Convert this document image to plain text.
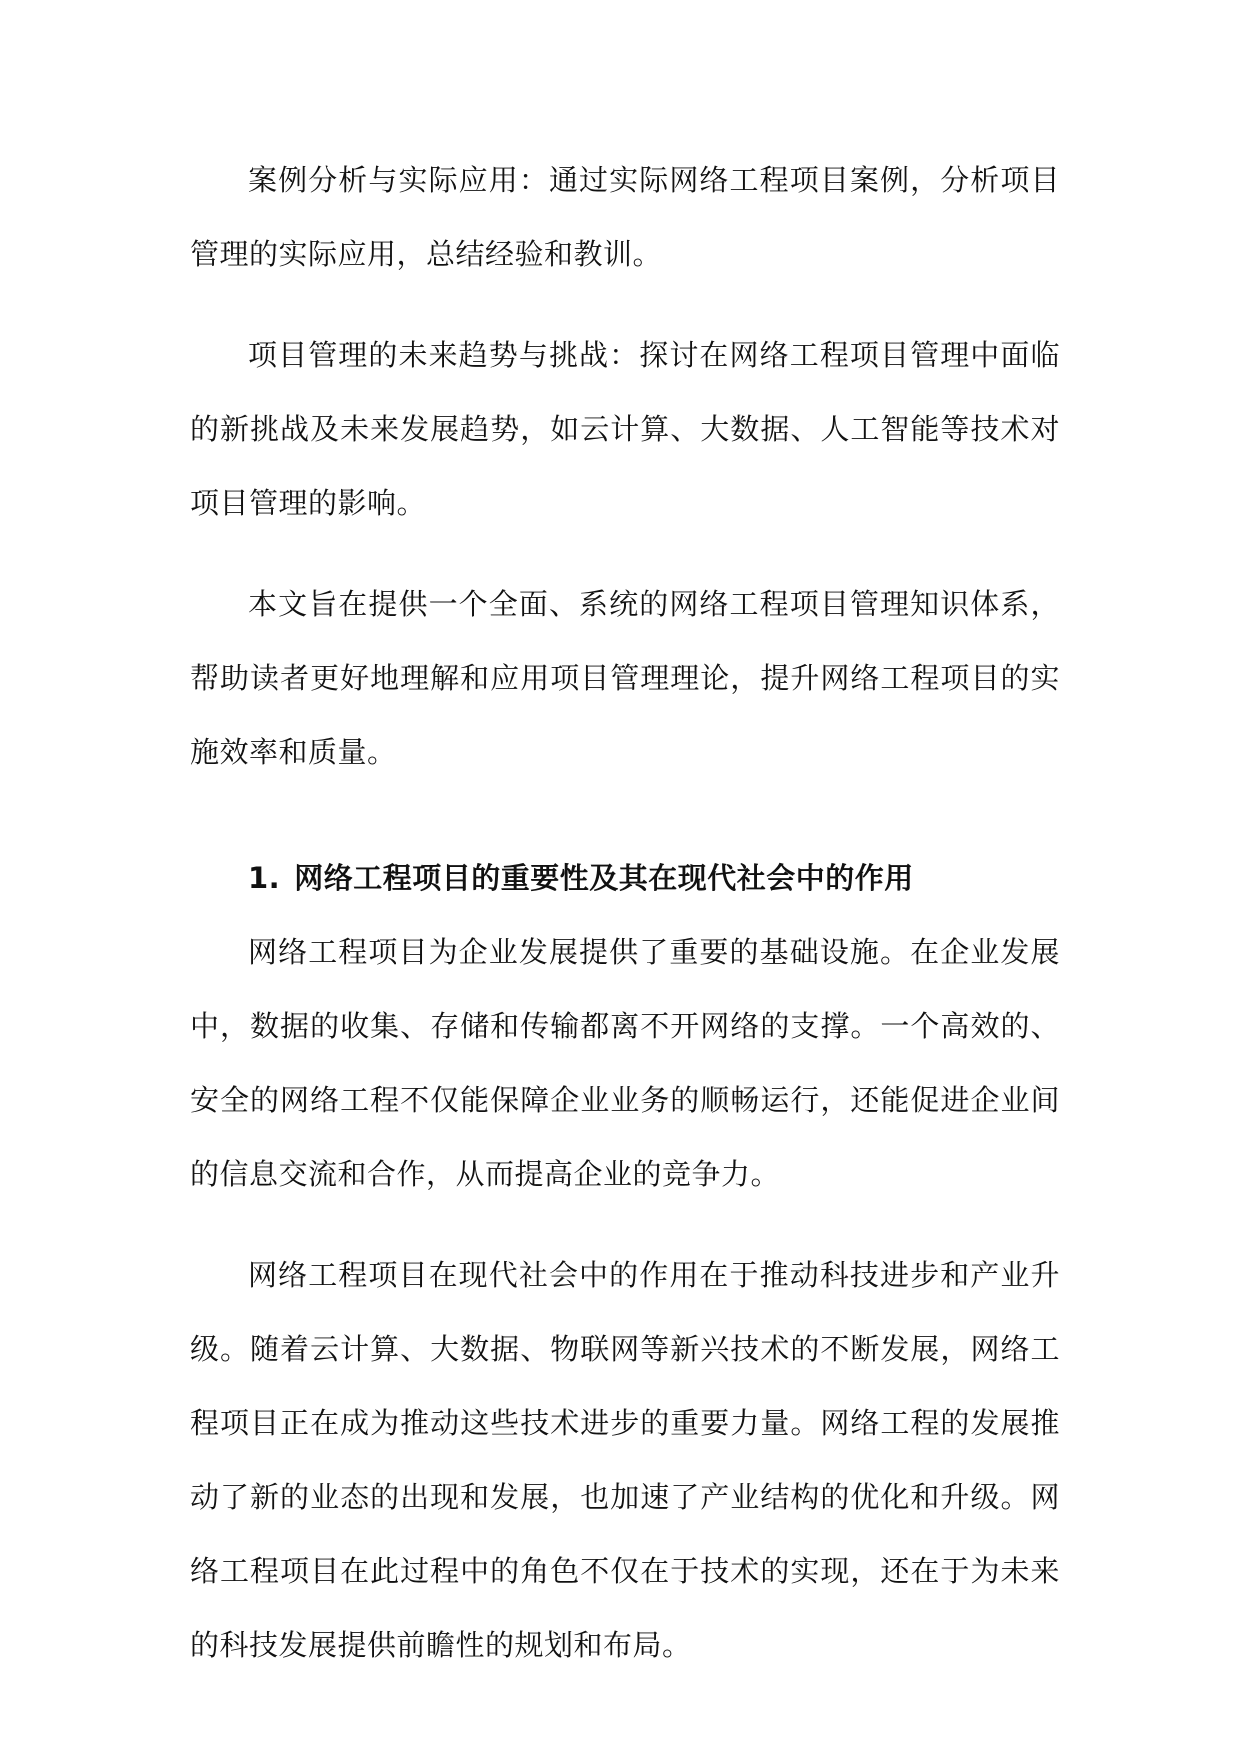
案例分析与实际应用：通过实际网络工程项目案例，分析项目管理的实际应用，总结经验和教训。

项目管理的未来趋势与挑战：探讨在网络工程项目管理中面临的新挑战及未来发展趋势，如云计算、大数据、人工智能等技术对项目管理的影响。

本文旨在提供一个全面、系统的网络工程项目管理知识体系，帮助读者更好地理解和应用项目管理理论，提升网络工程项目的实施效率和质量。

1. 网络工程项目的重要性及其在现代社会中的作用

网络工程项目为企业发展提供了重要的基础设施。在企业发展中，数据的收集、存储和传输都离不开网络的支撑。一个高效的、安全的网络工程不仅能保障企业业务的顺畅运行，还能促进企业间的信息交流和合作，从而提高企业的竞争力。

网络工程项目在现代社会中的作用在于推动科技进步和产业升级。随着云计算、大数据、物联网等新兴技术的不断发展，网络工程项目正在成为推动这些技术进步的重要力量。网络工程的发展推动了新的业态的出现和发展，也加速了产业结构的优化和升级。网络工程项目在此过程中的角色不仅在于技术的实现，还在于为未来的科技发展提供前瞻性的规划和布局。
